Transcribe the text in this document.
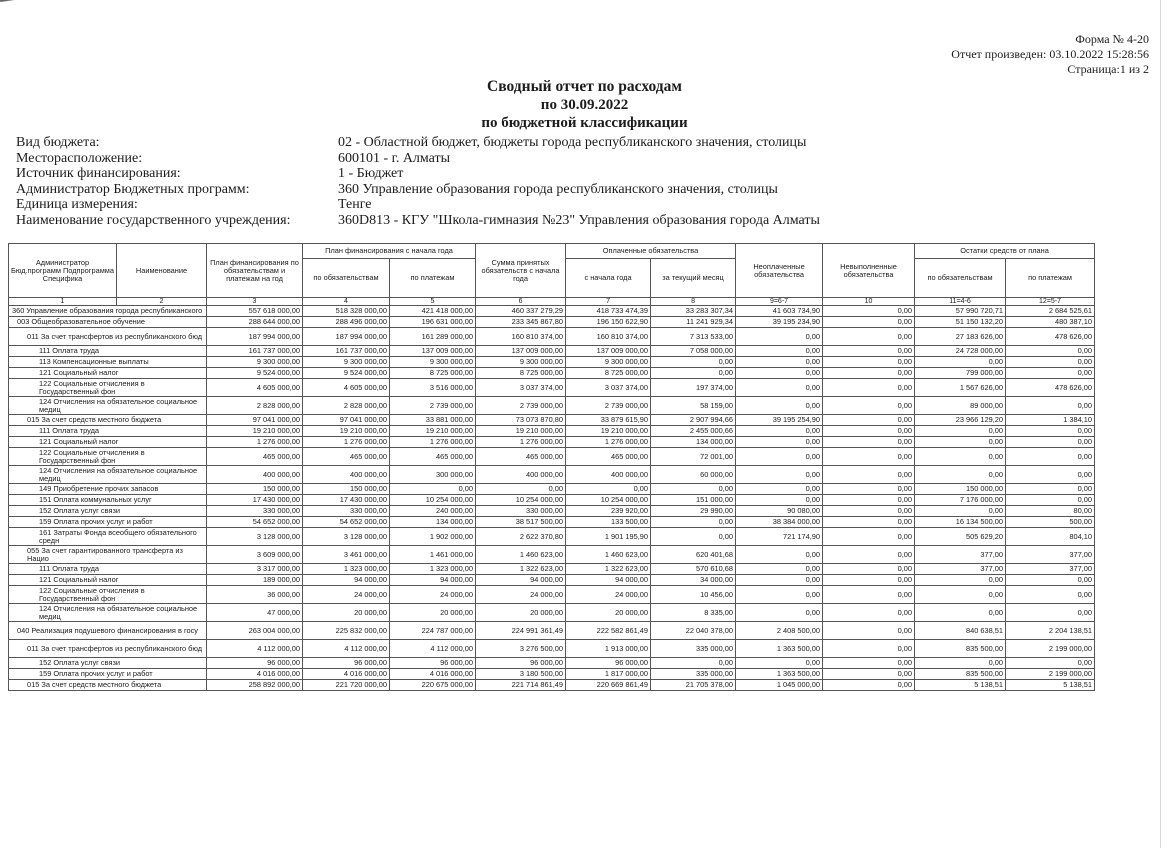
Форма № 4-20
Отчет произведен: 03.10.2022 15:28:56
Страница:1 из 2
Сводный отчет по расходам
по 30.09.2022
по бюджетной классификации
Вид бюджета:	02 - Областной бюджет, бюджеты города республиканского значения, столицы
Месторасположение:	600101 - г. Алматы
Источник финансирования:	1 - Бюджет
Администратор Бюджетных программ:	360 Управление образования города республиканского значения, столицы
Единица измерения:	Тенге
Наименование государственного учреждения:	360D813 - КГУ "Школа-гимназия №23" Управления образования города Алматы
Администратор Бюд.программ Подпрограмма Специфика	Наименование	План финансирования по обязательствам и платежам на год	План финансирования с начала года		Сумма принятых обязательств с начала года	Оплаченные обязательства		Неоплаченные обязательства	Невыполненные обязательства	Остатки средств от плана	
			по обязательствам	по платежам		с начала года	за текущий месяц			по обязательствам	по платежам
1	2	3	4	5	6	7	8	9=6-7	10	11=4-6	12=5-7
360 Управление образования города республиканского		557 618 000,00	518 328 000,00	421 418 000,00	460 337 279,29	418 733 474,39	33 283 307,34	41 603 734,90	0,00	57 990 720,71	2 684 525,61
003 Общеобразовательное обучение		288 644 000,00	288 496 000,00	196 631 000,00	233 345 867,80	196 150 622,90	11 241 929,34	39 195 234,90	0,00	51 150 132,20	480 387,10
011 За счет трансфертов из республиканского бюд		187 994 000,00	187 994 000,00	161 289 000,00	160 810 374,00	160 810 374,00	7 313 533,00	0,00	0,00	27 183 626,00	478 626,00
111 Оплата труда		161 737 000,00	161 737 000,00	137 009 000,00	137 009 000,00	137 009 000,00	7 058 000,00	0,00	0,00	24 728 000,00	0,00
113 Компенсационные выплаты		9 300 000,00	9 300 000,00	9 300 000,00	9 300 000,00	9 300 000,00	0,00	0,00	0,00	0,00	0,00
121 Социальный налог		9 524 000,00	9 524 000,00	8 725 000,00	8 725 000,00	8 725 000,00	0,00	0,00	0,00	799 000,00	0,00
122 Социальные отчисления в Государственный фон		4 605 000,00	4 605 000,00	3 516 000,00	3 037 374,00	3 037 374,00	197 374,00	0,00	0,00	1 567 626,00	478 626,00
124 Отчисления на обязательное социальное медиц		2 828 000,00	2 828 000,00	2 739 000,00	2 739 000,00	2 739 000,00	58 159,00	0,00	0,00	89 000,00	0,00
015 За счет средств местного бюджета		97 041 000,00	97 041 000,00	33 881 000,00	73 073 870,80	33 879 615,90	2 907 994,66	39 195 254,90	0,00	23 966 129,20	1 384,10
111 Оплата труда		19 210 000,00	19 210 000,00	19 210 000,00	19 210 000,00	19 210 000,00	2 455 000,66	0,00	0,00	0,00	0,00
121 Социальный налог		1 276 000,00	1 276 000,00	1 276 000,00	1 276 000,00	1 276 000,00	134 000,00	0,00	0,00	0,00	0,00
122 Социальные отчисления в Государственный фон		465 000,00	465 000,00	465 000,00	465 000,00	465 000,00	72 001,00	0,00	0,00	0,00	0,00
124 Отчисления на обязательное социальное медиц		400 000,00	400 000,00	300 000,00	400 000,00	400 000,00	60 000,00	0,00	0,00	0,00	0,00
149 Приобретение прочих запасов		150 000,00	150 000,00	0,00	0,00	0,00	0,00	0,00	0,00	150 000,00	0,00
151 Оплата коммунальных услуг		17 430 000,00	17 430 000,00	10 254 000,00	10 254 000,00	10 254 000,00	151 000,00	0,00	0,00	7 176 000,00	0,00
152 Оплата услуг связи		330 000,00	330 000,00	240 000,00	330 000,00	239 920,00	29 990,00	90 080,00	0,00	0,00	80,00
159 Оплата прочих услуг и работ		54 652 000,00	54 652 000,00	134 000,00	38 517 500,00	133 500,00	0,00	38 384 000,00	0,00	16 134 500,00	500,00
161 Затраты Фонда всеобщего обязательного средн		3 128 000,00	3 128 000,00	1 902 000,00	2 622 370,80	1 901 195,90	0,00	721 174,90	0,00	505 629,20	804,10
055 За счет гарантированного трансферта из Нацио		3 609 000,00	3 461 000,00	1 461 000,00	1 460 623,00	1 460 623,00	620 401,68	0,00	0,00	377,00	377,00
111 Оплата труда		3 317 000,00	1 323 000,00	1 323 000,00	1 322 623,00	1 322 623,00	570 610,68	0,00	0,00	377,00	377,00
121 Социальный налог		189 000,00	94 000,00	94 000,00	94 000,00	94 000,00	34 000,00	0,00	0,00	0,00	0,00
122 Социальные отчисления в Государственный фон		36 000,00	24 000,00	24 000,00	24 000,00	24 000,00	10 456,00	0,00	0,00	0,00	0,00
124 Отчисления на обязательное социальное медиц		47 000,00	20 000,00	20 000,00	20 000,00	20 000,00	8 335,00	0,00	0,00	0,00	0,00
040 Реализация подушевого финансирования в госу		263 004 000,00	225 832 000,00	224 787 000,00	224 991 361,49	222 582 861,49	22 040 378,00	2 408 500,00	0,00	840 638,51	2 204 138,51
011 За счет трансфертов из республиканского бюд		4 112 000,00	4 112 000,00	4 112 000,00	3 276 500,00	1 913 000,00	335 000,00	1 363 500,00	0,00	835 500,00	2 199 000,00
152 Оплата услуг связи		96 000,00	96 000,00	96 000,00	96 000,00	96 000,00	0,00	0,00	0,00	0,00	0,00
159 Оплата прочих услуг и работ		4 016 000,00	4 016 000,00	4 016 000,00	3 180 500,00	1 817 000,00	335 000,00	1 363 500,00	0,00	835 500,00	2 199 000,00
015 За счет средств местного бюджета		258 892 000,00	221 720 000,00	220 675 000,00	221 714 861,49	220 669 861,49	21 705 378,00	1 045 000,00	0,00	5 138,51	5 138,51
